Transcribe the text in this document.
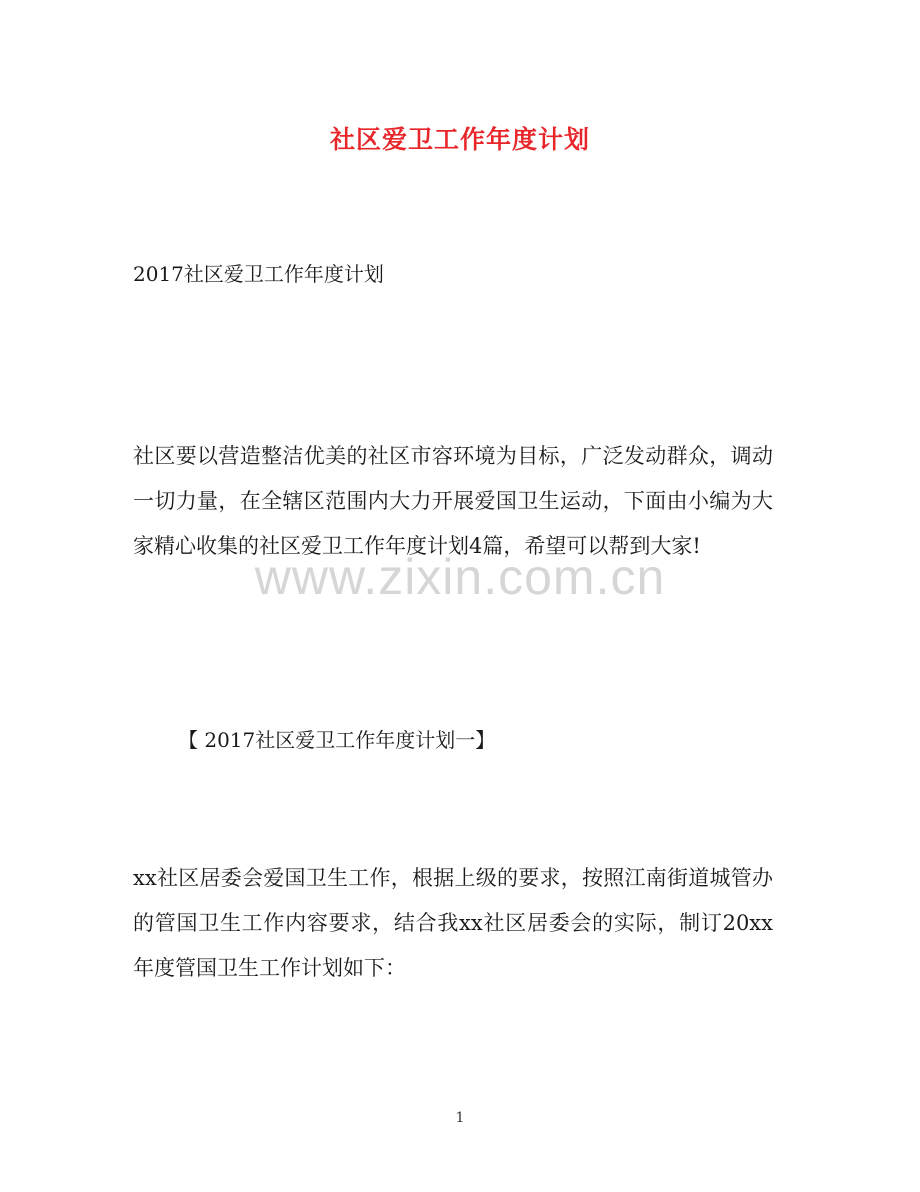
社区爱卫工作年度计划
2017社区爱卫工作年度计划
社区要以营造整洁优美的社区市容环境为目标，广泛发动群众，调动一切力量，在全辖区范围内大力开展爱国卫生运动，下面由小编为大家精心收集的社区爱卫工作年度计划4篇，希望可以帮到大家!
www.zixin.com.cn
【 2017社区爱卫工作年度计划一】
xx社区居委会爱国卫生工作，根据上级的要求，按照江南街道城管办的管国卫生工作内容要求，结合我xx社区居委会的实际，制订20xx年度管国卫生工作计划如下：
1
